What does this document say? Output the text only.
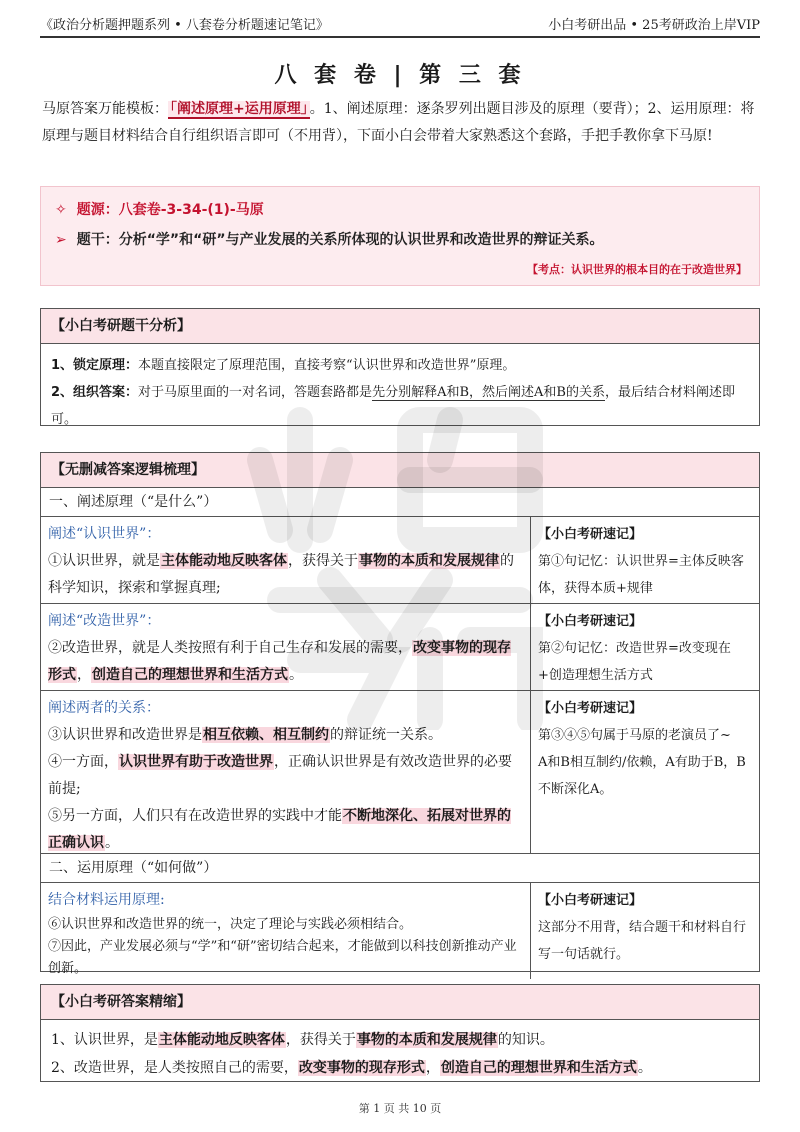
《政治分析题押题系列 • 八套卷分析题速记笔记》	小白考研出品 • 25考研政治上岸VIP
八 套 卷 | 第 三 套
马原答案万能模板： 「阐述原理+运用原理」 。1、阐述原理：逐条罗列出题目涉及的原理（要背）；2、运用原理：将原理与题目材料结合自行组织语言即可（不用背），下面小白会带着大家熟悉这个套路，手把手教你拿下马原!
✧ 题源：八套卷-3-34-(1)-马原
➢ 题干：分析“学”和“研”与产业发展的关系所体现的认识世界和改造世界的辩证关系。
【考点：认识世界的根本目的在于改造世界】
【小白考研题干分析】
1、锁定原理：本题直接限定了原理范围，直接考察“认识世界和改造世界”原理。
2、组织答案：对于马原里面的一对名词，答题套路都是先分别解释A和B，然后阐述A和B的关系，最后结合材料阐述即可。
【无删减答案逻辑梳理】
一、阐述原理（“是什么”）
阐述“认识世界”：
①认识世界，就是主体能动地反映客体，获得关于事物的本质和发展规律的科学知识，探索和掌握真理;
【小白考研速记】
第①句记忆：认识世界=主体反映客体，获得本质+规律
阐述“改造世界”：
②改造世界，就是人类按照有利于自己生存和发展的需要，改变事物的现存形式，创造自己的理想世界和生活方式。
【小白考研速记】
第②句记忆：改造世界=改变现在+创造理想生活方式
阐述两者的关系：
③认识世界和改造世界是相互依赖、相互制约的辩证统一关系。
④一方面，认识世界有助于改造世界，正确认识世界是有效改造世界的必要前提;
⑤另一方面，人们只有在改造世界的实践中才能不断地深化、拓展对世界的正确认识。
【小白考研速记】
第③④⑤句属于马原的老演员了~
A和B相互制约/依赖，A有助于B，B不断深化A。
二、运用原理（“如何做”）
结合材料运用原理:
⑥认识世界和改造世界的统一，决定了理论与实践必须相结合。
⑦因此，产业发展必须与“学”和“研”密切结合起来，才能做到以科技创新推动产业创新。
【小白考研速记】
这部分不用背，结合题干和材料自行写一句话就行。
【小白考研答案精缩】
1、认识世界，是主体能动地反映客体，获得关于事物的本质和发展规律的知识。
2、改造世界，是人类按照自己的需要，改变事物的现存形式，创造自己的理想世界和生活方式。
第 1 页 共 10 页
